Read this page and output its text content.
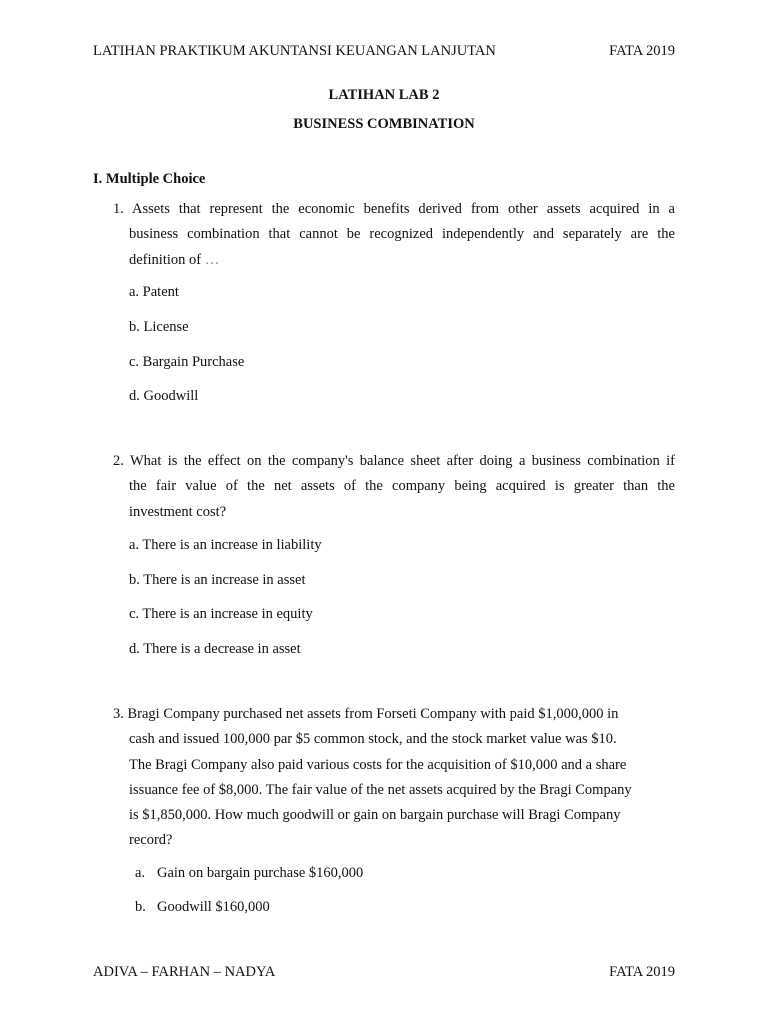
LATIHAN PRAKTIKUM AKUNTANSI KEUANGAN LANJUTAN	FATA 2019
LATIHAN LAB 2
BUSINESS COMBINATION
I. Multiple Choice
1. Assets that represent the economic benefits derived from other assets acquired in a
business combination that cannot be recognized independently and separately are the
definition of …
a. Patent
b. License
c. Bargain Purchase
d. Goodwill
2. What is the effect on the company's balance sheet after doing a business combination if
the fair value of the net assets of the company being acquired is greater than the
investment cost?
a. There is an increase in liability
b. There is an increase in asset
c. There is an increase in equity
d. There is a decrease in asset
3. Bragi Company purchased net assets from Forseti Company with paid $1,000,000 in
cash and issued 100,000 par $5 common stock, and the stock market value was $10.
The Bragi Company also paid various costs for the acquisition of $10,000 and a share
issuance fee of $8,000. The fair value of the net assets acquired by the Bragi Company
is $1,850,000. How much goodwill or gain on bargain purchase will Bragi Company
record?
a. Gain on bargain purchase $160,000
b. Goodwill $160,000
ADIVA – FARHAN – NADYA	FATA 2019
